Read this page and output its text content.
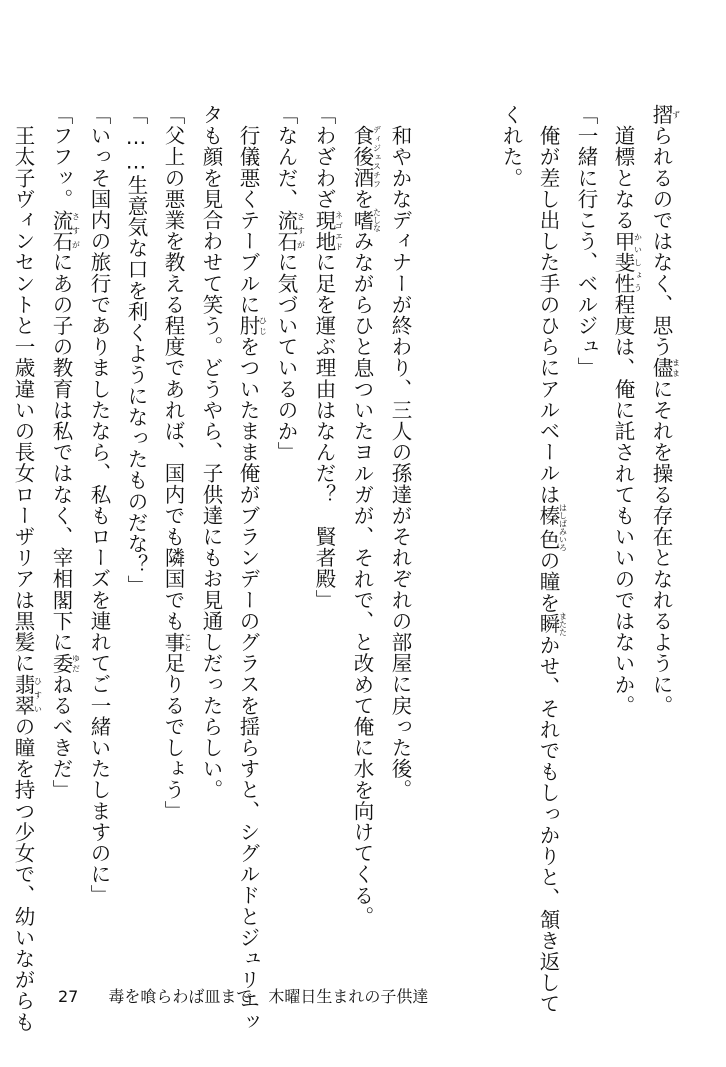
摺ずられるのではなく、思う儘ままにそれを操る存在となれるように。
　道標となる甲斐性かいしょう程度は、俺に託されてもいいのではないか。
「一緒に行こう、ベルジュ」
　俺が差し出した手のひらにアルベールは榛色はしばみいろの瞳を瞬またたかせ、それでもしっかりと、頷き返して
くれた。

　和やかなディナーが終わり、三人の孫達がそれぞれの部屋に戻った後。
　食後酒ディジェスチフを嗜たしなみながらひと息ついたヨルガが、それで、と改めて俺に水を向けてくる。
「わざわざ現地ネゴエドに足を運ぶ理由はなんだ？　賢者殿」
「なんだ、流石さすがに気づいているのか」
　行儀悪くテーブルに肘ひじをついたまま俺がブランデーのグラスを揺らすと、シグルドとジュリエッ
タも顔を見合わせて笑う。どうやら、子供達にもお見通しだったらしい。
「父上の悪業を教える程度であれば、国内でも隣国でも事こと足りるでしょう」
「……生意気な口を利くようになったものだな？」
「いっそ国内の旅行でありましたなら、私もローズを連れてご一緒いたしますのに」
「フフッ。流石さすがにあの子の教育は私ではなく、宰相閣下に委ゆだねるべきだ」
　王太子ヴィンセントと一歳違いの長女ローザリアは黒髪に翡翠ひすいの瞳を持つ少女で、幼いながらも	27 毒を喰らわば皿まで　木曜日生まれの子供達
